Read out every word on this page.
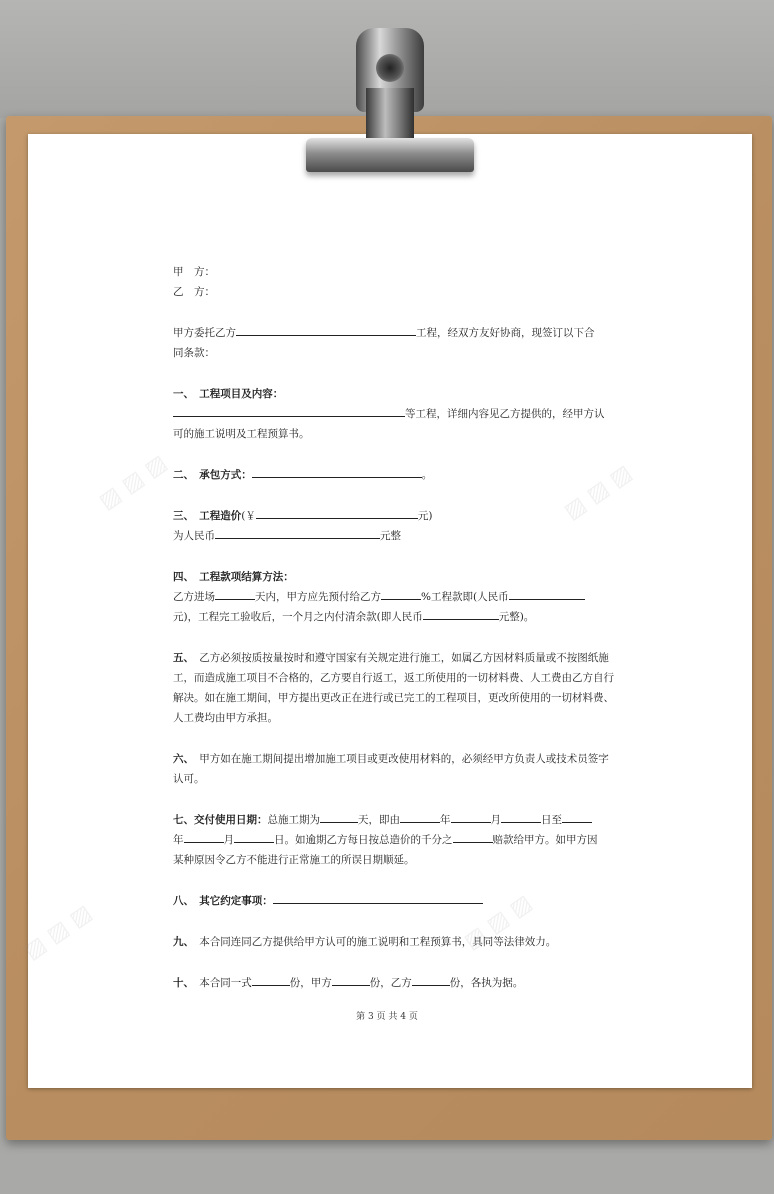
▨ ▨ ▨	▨ ▨ ▨
▨ ▨ ▨	▨ ▨ ▨

甲　方：

乙　方：

甲方委托乙方	工程，经双方友好协商，现签订以下合

同条款：

一、　工程项目及内容：

等工程，详细内容见乙方提供的，经甲方认

可的施工说明及工程预算书。

二、　承包方式：	。

三、　工程造价(￥	元)

为人民币	元整

四、　工程款项结算方法：

乙方进场	天内，甲方应先预付给乙方	%工程款即(人民币

元)，工程完工验收后，一个月之内付清余款(即人民币	元整)。

五、　乙方必须按质按量按时和遵守国家有关规定进行施工，如属乙方因材料质量或不按图纸施

工，而造成施工项目不合格的，乙方要自行返工，返工所使用的一切材料费、人工费由乙方自行

解决。如在施工期间，甲方提出更改正在进行或已完工的工程项目，更改所使用的一切材料费、

人工费均由甲方承担。

六、　甲方如在施工期间提出增加施工项目或更改使用材料的，必须经甲方负责人或技术员签字

认可。

七、交付使用日期：总施工期为	天，即由	年	月	日至

年	月	日。如逾期乙方每日按总造价的千分之	赔款给甲方。如甲方因

某种原因令乙方不能进行正常施工的所误日期顺延。

八、　其它约定事项：

九、　本合同连同乙方提供给甲方认可的施工说明和工程预算书，具同等法律效力。

十、　本合同一式	份，甲方	份，乙方	份，各执为据。

第 3 页 共 4 页
